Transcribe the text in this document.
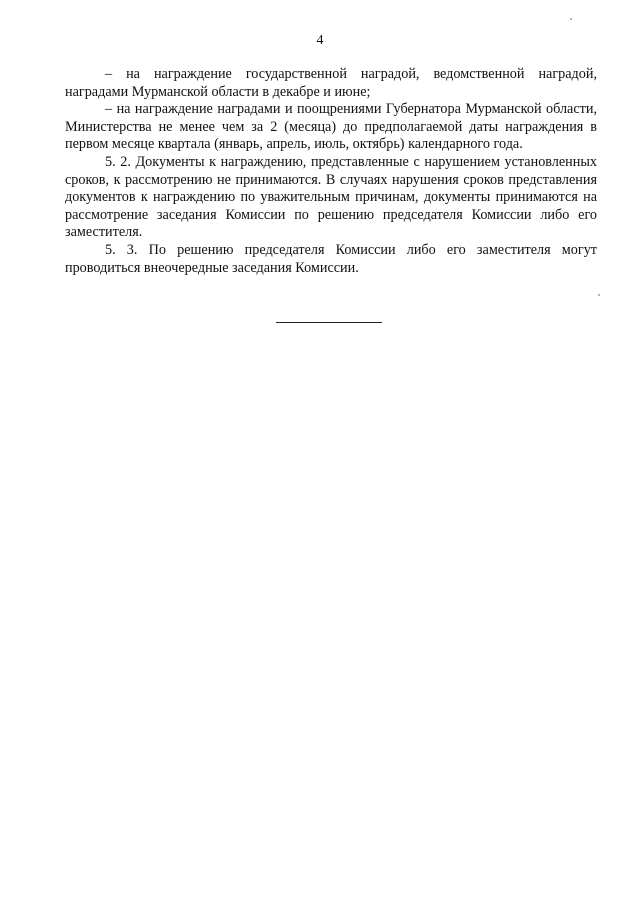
4

– на награждение государственной наградой, ведомственной наградой, наградами Мурманской области в декабре и июне;

– на награждение наградами и поощрениями Губернатора Мурманской области, Министерства не менее чем за 2 (месяца) до предполагаемой даты награждения в первом месяце квартала (январь, апрель, июль, октябрь) календарного года.

5. 2. Документы к награждению, представленные с нарушением установленных сроков, к рассмотрению не принимаются. В случаях нарушения сроков представления документов к награждению по уважительным причинам, документы принимаются на рассмотрение заседания Комиссии по решению председателя Комиссии либо его заместителя.

5. 3. По решению председателя Комиссии либо его заместителя могут проводиться внеочередные заседания Комиссии.
